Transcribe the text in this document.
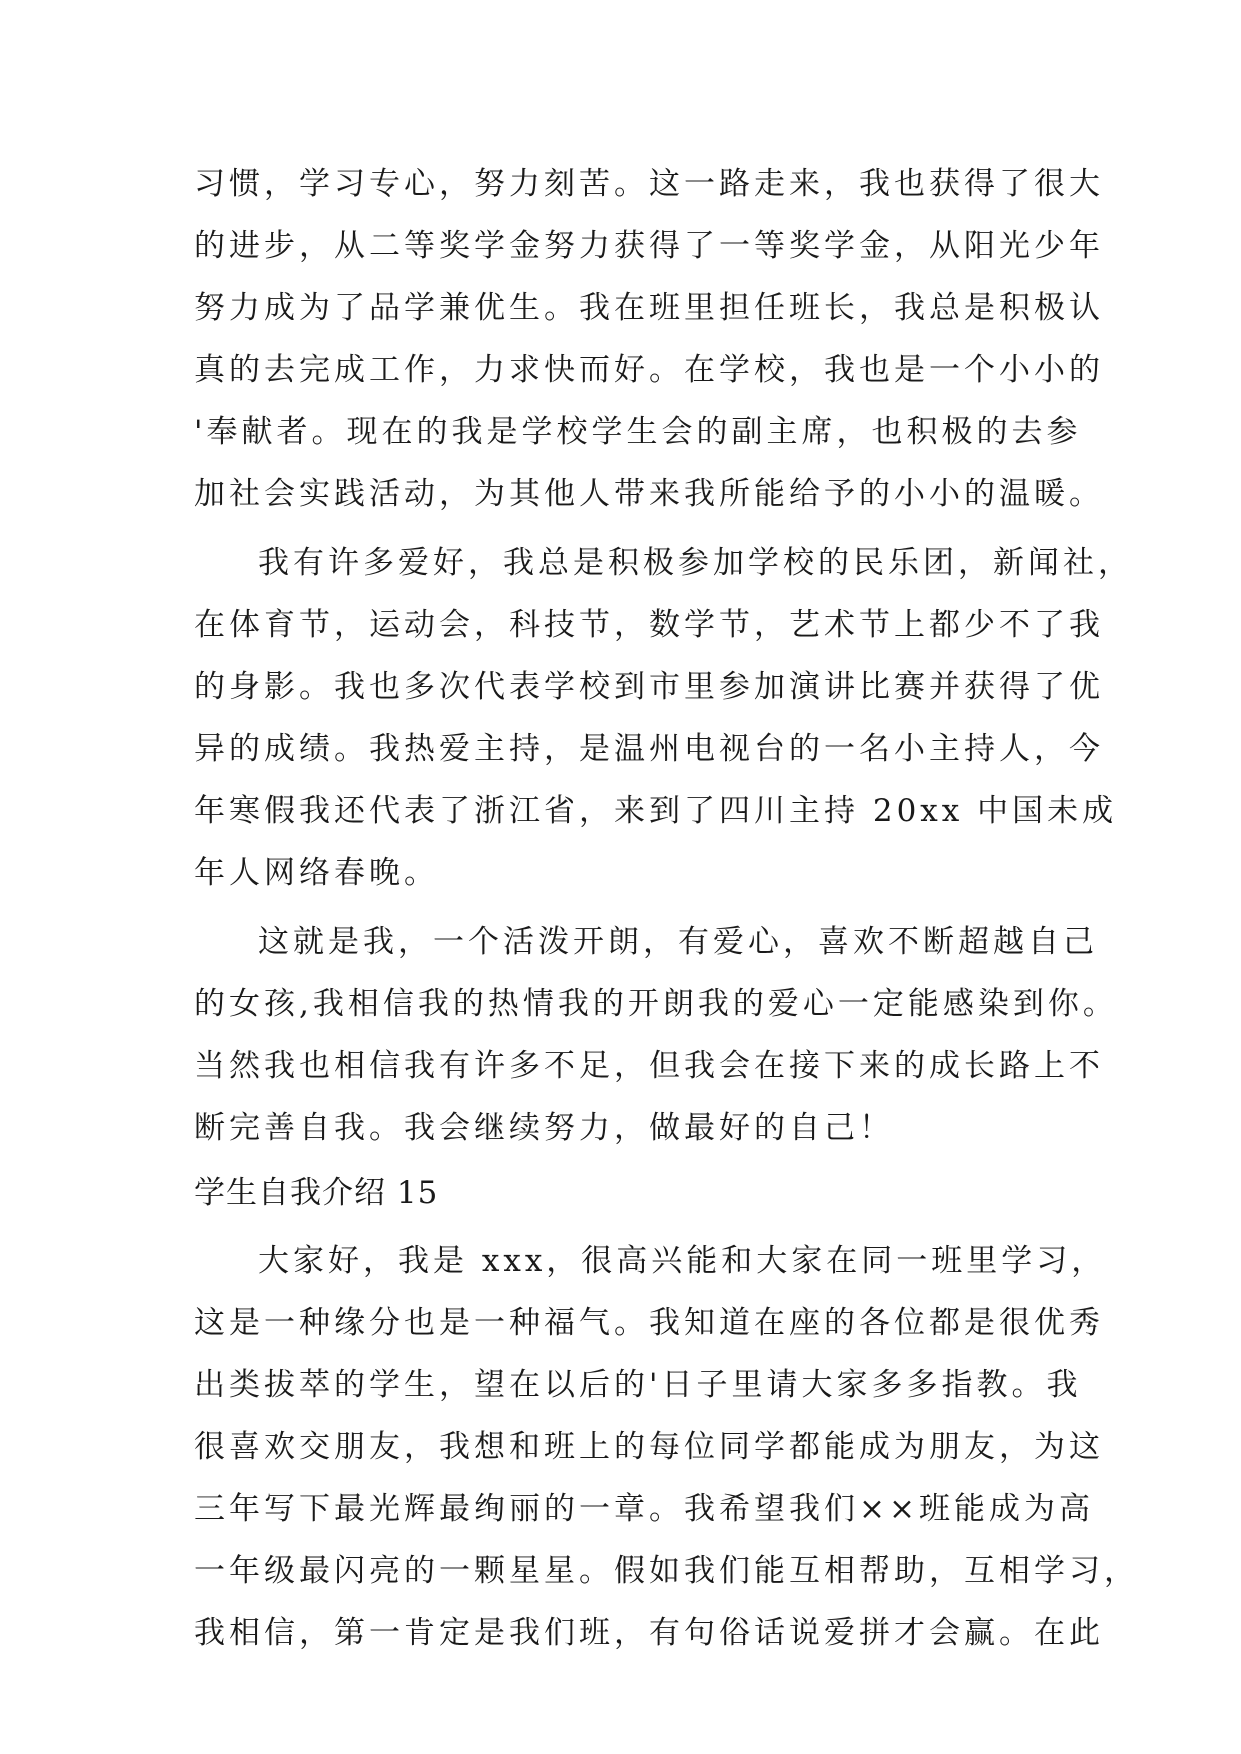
习惯，学习专心，努力刻苦。这一路走来，我也获得了很大
的进步，从二等奖学金努力获得了一等奖学金，从阳光少年
努力成为了品学兼优生。我在班里担任班长，我总是积极认
真的去完成工作，力求快而好。在学校，我也是一个小小的
'奉献者。现在的我是学校学生会的副主席，也积极的去参
加社会实践活动，为其他人带来我所能给予的小小的温暖。
我有许多爱好，我总是积极参加学校的民乐团，新闻社，
在体育节，运动会，科技节，数学节，艺术节上都少不了我
的身影。我也多次代表学校到市里参加演讲比赛并获得了优
异的成绩。我热爱主持，是温州电视台的一名小主持人，今
年寒假我还代表了浙江省，来到了四川主持 20xx 中国未成
年人网络春晚。
这就是我，一个活泼开朗，有爱心，喜欢不断超越自己
的女孩,我相信我的热情我的开朗我的爱心一定能感染到你。
当然我也相信我有许多不足，但我会在接下来的成长路上不
断完善自我。我会继续努力，做最好的自己！
学生自我介绍 15
大家好，我是 xxx，很高兴能和大家在同一班里学习，
这是一种缘分也是一种福气。我知道在座的各位都是很优秀
出类拔萃的学生，望在以后的'日子里请大家多多指教。我
很喜欢交朋友，我想和班上的每位同学都能成为朋友，为这
三年写下最光辉最绚丽的一章。我希望我们××班能成为高
一年级最闪亮的一颗星星。假如我们能互相帮助，互相学习，
我相信，第一肯定是我们班，有句俗话说爱拼才会赢。在此
